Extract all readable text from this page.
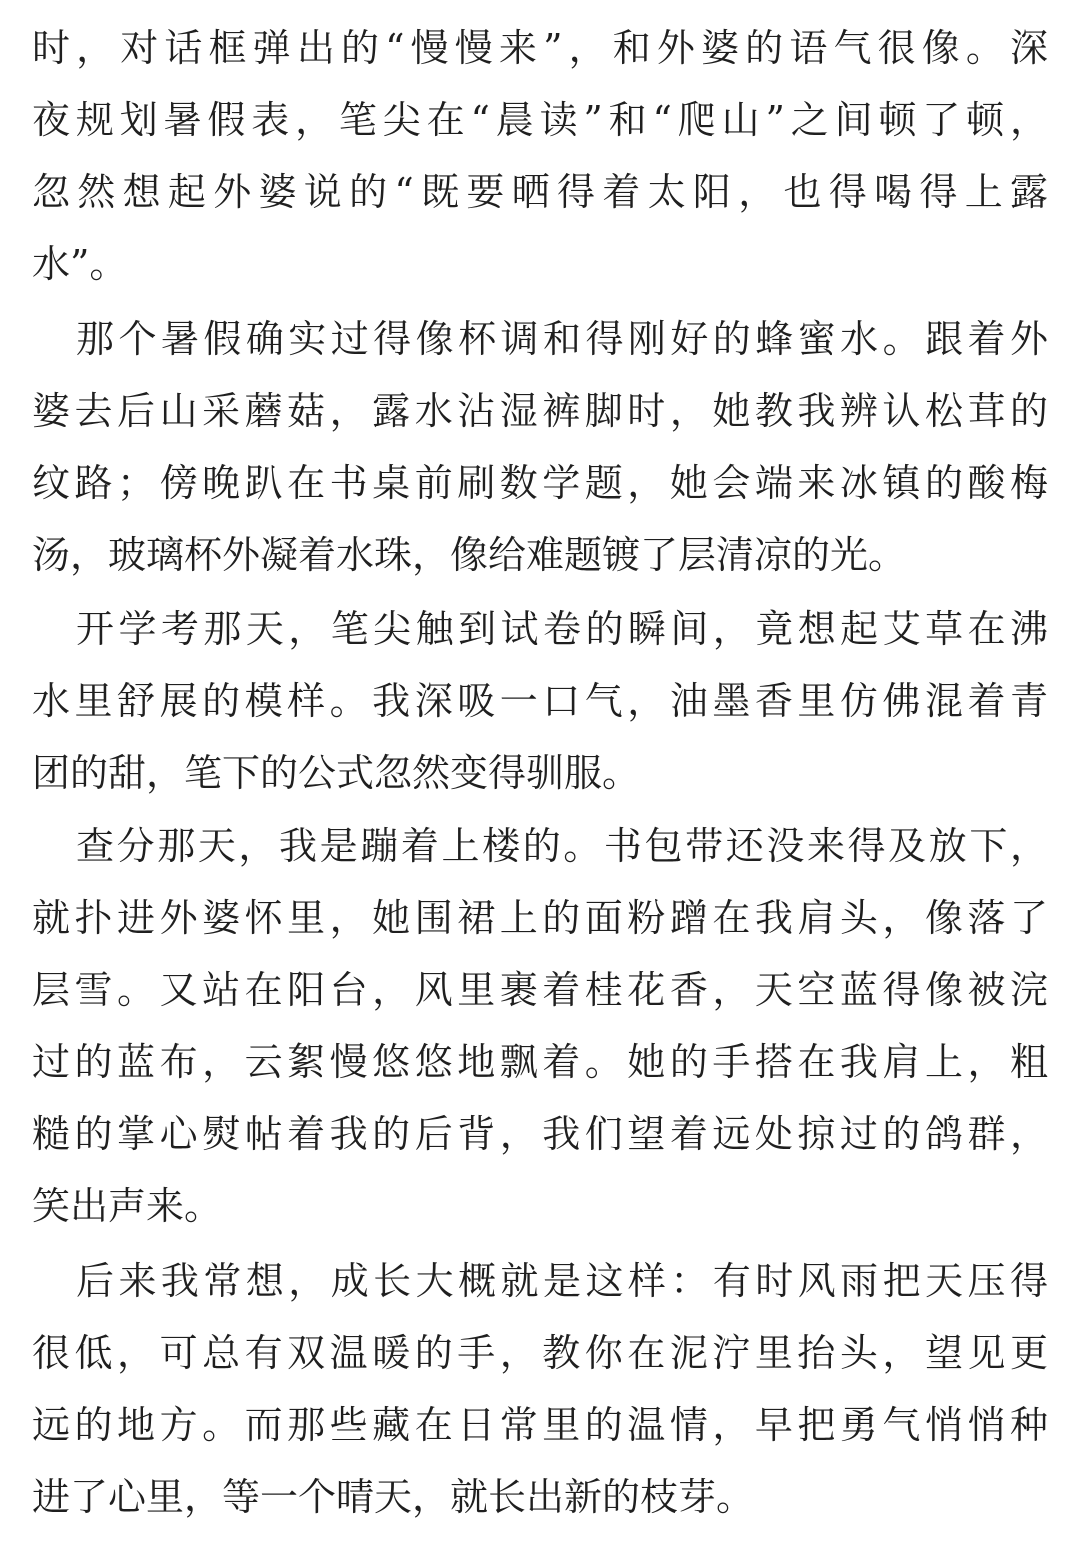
时，对话框弹出的“慢慢来”，和外婆的语气很像。深

夜规划暑假表，笔尖在“晨读”和“爬山”之间顿了顿，

忽然想起外婆说的“既要晒得着太阳，也得喝得上露

水”。

那个暑假确实过得像杯调和得刚好的蜂蜜水。跟着外

婆去后山采蘑菇，露水沾湿裤脚时，她教我辨认松茸的

纹路；傍晚趴在书桌前刷数学题，她会端来冰镇的酸梅

汤，玻璃杯外凝着水珠，像给难题镀了层清凉的光。

开学考那天，笔尖触到试卷的瞬间，竟想起艾草在沸

水里舒展的模样。我深吸一口气，油墨香里仿佛混着青

团的甜，笔下的公式忽然变得驯服。

查分那天，我是蹦着上楼的。书包带还没来得及放下，

就扑进外婆怀里，她围裙上的面粉蹭在我肩头，像落了

层雪。又站在阳台，风里裹着桂花香，天空蓝得像被浣

过的蓝布，云絮慢悠悠地飘着。她的手搭在我肩上，粗

糙的掌心熨帖着我的后背，我们望着远处掠过的鸽群，

笑出声来。

后来我常想，成长大概就是这样：有时风雨把天压得

很低，可总有双温暖的手，教你在泥泞里抬头，望见更

远的地方。而那些藏在日常里的温情，早把勇气悄悄种

进了心里，等一个晴天，就长出新的枝芽。
